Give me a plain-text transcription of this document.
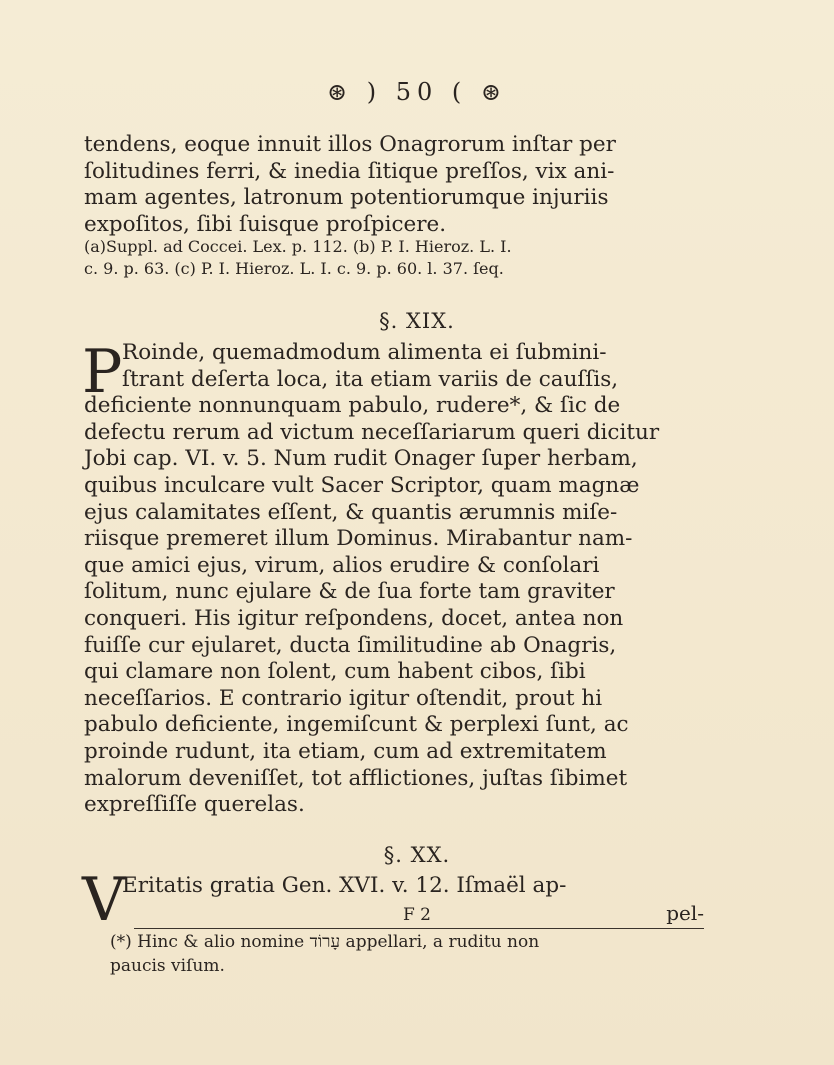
⊛ ) 50 ( ⊛
tendens, eoque innuit illos Onagrorum inſtar per
ſolitudines ferri, & inedia ſitique preſſos, vix ani-
mam agentes, latronum potentiorumque injuriis
expoſitos, ſibi ſuisque proſpicere.
(a)Suppl. ad Coccei. Lex. p. 112. (b) P. I. Hieroz. L. I.
c. 9. p. 63. (c) P. I. Hieroz. L. I. c. 9. p. 60. l. 37. ſeq.
§. XIX.
P Roinde, quemadmodum alimenta ei ſubmini-
ſtrant deſerta loca, ita etiam variis de cauſſis,
deficiente nonnunquam pabulo, rudere*, & ſic de
defectu rerum ad victum neceſſariarum queri dicitur
Jobi cap. VI. v. 5. Num rudit Onager ſuper herbam,
quibus inculcare vult Sacer Scriptor, quam magnæ
ejus calamitates eſſent, & quantis ærumnis miſe-
riisque premeret illum Dominus. Mirabantur nam-
que amici ejus, virum, alios erudire & conſolari
ſolitum, nunc ejulare & de ſua forte tam graviter
conqueri. His igitur reſpondens, docet, antea non
fuiſſe cur ejularet, ducta ſimilitudine ab Onagris,
qui clamare non ſolent, cum habent cibos, ſibi
neceſſarios. E contrario igitur oſtendit, prout hi
pabulo deficiente, ingemiſcunt & perplexi ſunt, ac
proinde rudunt, ita etiam, cum ad extremitatem
malorum deveniſſet, tot afflictiones, juſtas ſibimet
expreſſiſſe querelas.
§. XX.
V
Eritatis gratia Gen. XVI. v. 12. Iſmaël ap-
F 2	pel-
(*) Hinc & alio nomine עָרוֹד appellari, a ruditu non
paucis viſum.
